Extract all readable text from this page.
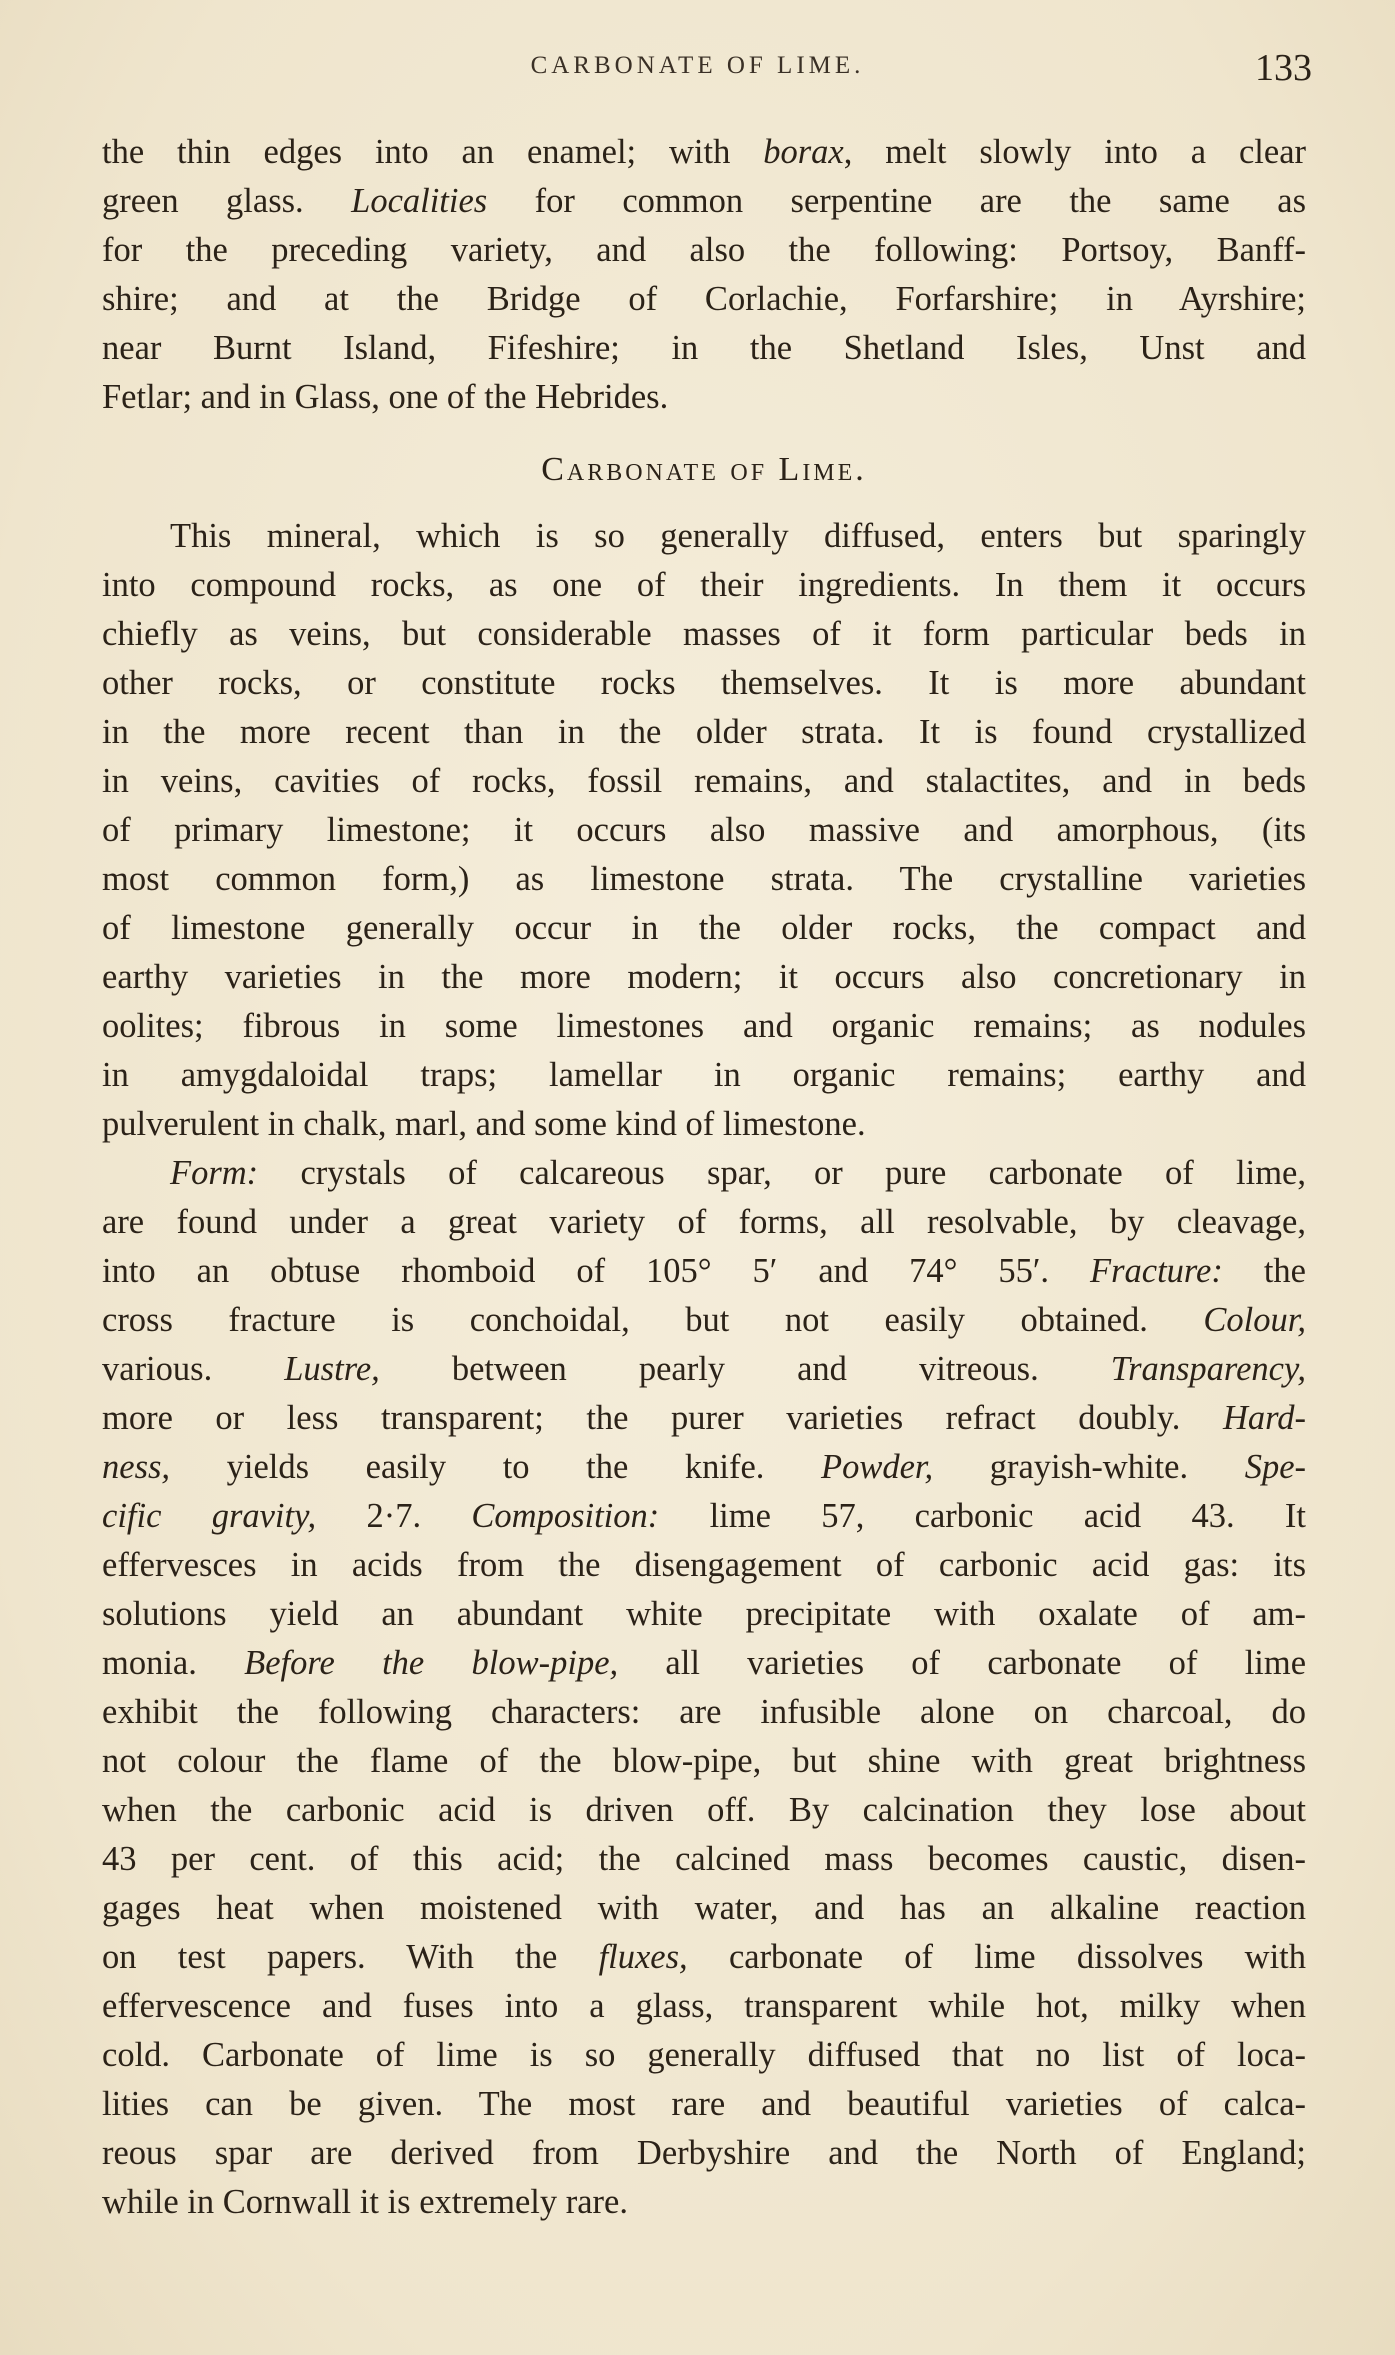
CARBONATE OF LIME.	133
the thin edges into an enamel; with borax, melt slowly into a clear
green glass. Localities for common serpentine are the same as
for the preceding variety, and also the following: Portsoy, Banff-
shire; and at the Bridge of Corlachie, Forfarshire; in Ayrshire;
near Burnt Island, Fifeshire; in the Shetland Isles, Unst and
Fetlar; and in Glass, one of the Hebrides.
Carbonate of Lime.
This mineral, which is so generally diffused, enters but sparingly
into compound rocks, as one of their ingredients. In them it occurs
chiefly as veins, but considerable masses of it form particular beds in
other rocks, or constitute rocks themselves. It is more abundant
in the more recent than in the older strata. It is found crystallized
in veins, cavities of rocks, fossil remains, and stalactites, and in beds
of primary limestone; it occurs also massive and amorphous, (its
most common form,) as limestone strata. The crystalline varieties
of limestone generally occur in the older rocks, the compact and
earthy varieties in the more modern; it occurs also concretionary in
oolites; fibrous in some limestones and organic remains; as nodules
in amygdaloidal traps; lamellar in organic remains; earthy and
pulverulent in chalk, marl, and some kind of limestone.
Form: crystals of calcareous spar, or pure carbonate of lime,
are found under a great variety of forms, all resolvable, by cleavage,
into an obtuse rhomboid of 105° 5′ and 74° 55′. Fracture: the
cross fracture is conchoidal, but not easily obtained. Colour,
various. Lustre, between pearly and vitreous. Transparency,
more or less transparent; the purer varieties refract doubly. Hard-
ness, yields easily to the knife. Powder, grayish-white. Spe-
cific gravity, 2·7. Composition: lime 57, carbonic acid 43. It
effervesces in acids from the disengagement of carbonic acid gas: its
solutions yield an abundant white precipitate with oxalate of am-
monia. Before the blow-pipe, all varieties of carbonate of lime
exhibit the following characters: are infusible alone on charcoal, do
not colour the flame of the blow-pipe, but shine with great brightness
when the carbonic acid is driven off. By calcination they lose about
43 per cent. of this acid; the calcined mass becomes caustic, disen-
gages heat when moistened with water, and has an alkaline reaction
on test papers. With the fluxes, carbonate of lime dissolves with
effervescence and fuses into a glass, transparent while hot, milky when
cold. Carbonate of lime is so generally diffused that no list of loca-
lities can be given. The most rare and beautiful varieties of calca-
reous spar are derived from Derbyshire and the North of England;
while in Cornwall it is extremely rare.
